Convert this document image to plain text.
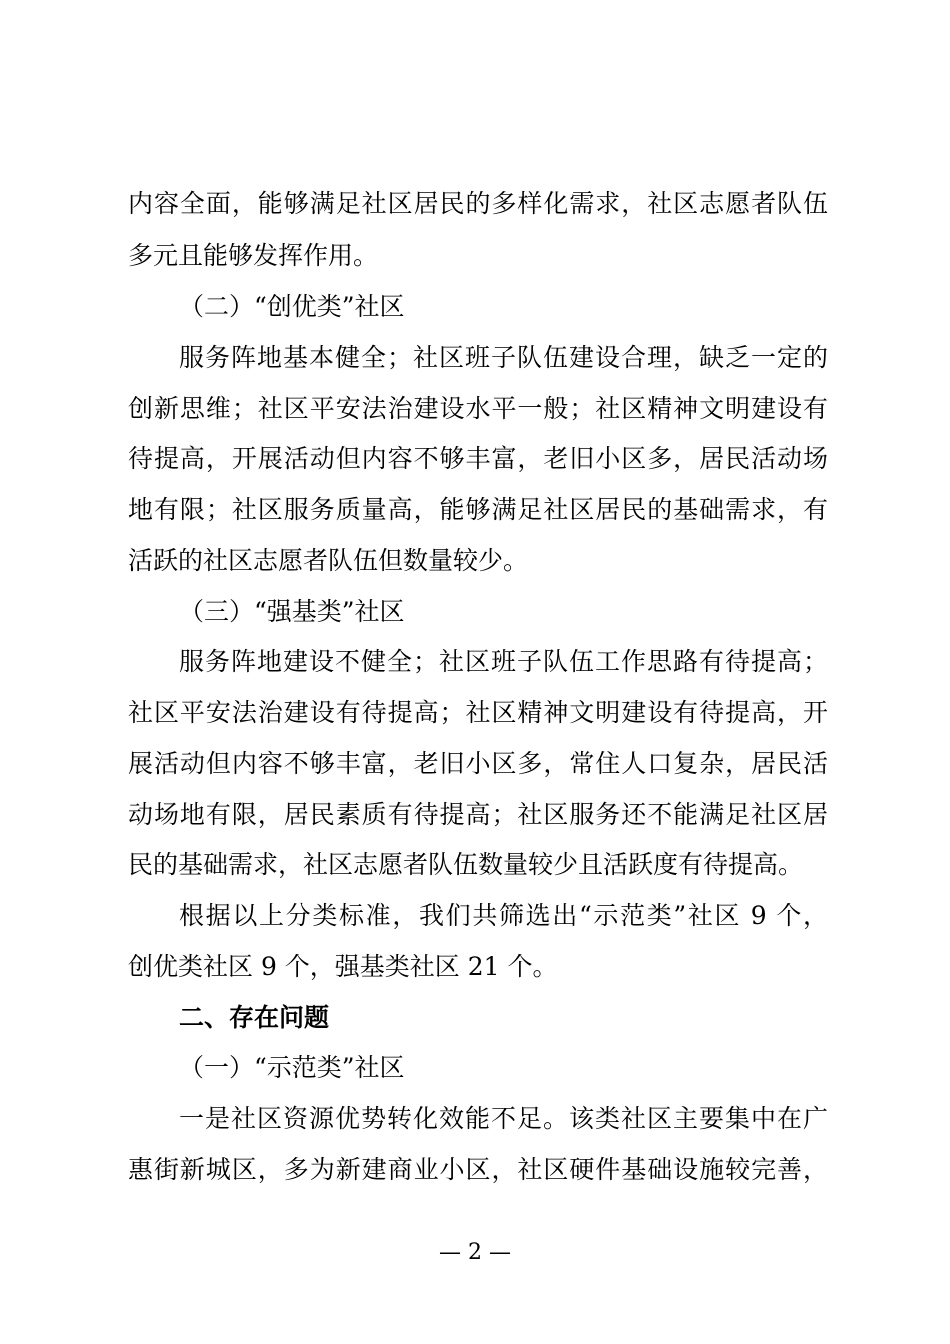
内容全面，能够满足社区居民的多样化需求，社区志愿者队伍
多元且能够发挥作用。
（二）“创优类”社区
服务阵地基本健全；社区班子队伍建设合理，缺乏一定的
创新思维；社区平安法治建设水平一般；社区精神文明建设有
待提高，开展活动但内容不够丰富，老旧小区多，居民活动场
地有限；社区服务质量高，能够满足社区居民的基础需求，有
活跃的社区志愿者队伍但数量较少。
（三）“强基类”社区
服务阵地建设不健全；社区班子队伍工作思路有待提高；
社区平安法治建设有待提高；社区精神文明建设有待提高，开
展活动但内容不够丰富，老旧小区多，常住人口复杂，居民活
动场地有限，居民素质有待提高；社区服务还不能满足社区居
民的基础需求，社区志愿者队伍数量较少且活跃度有待提高。
根据以上分类标准，我们共筛选出“示范类”社区 9 个，
创优类社区 9 个，强基类社区 21 个。
二、存在问题
（一）“示范类”社区
一是社区资源优势转化效能不足。该类社区主要集中在广
惠街新城区，多为新建商业小区，社区硬件基础设施较完善，
— 2 —
